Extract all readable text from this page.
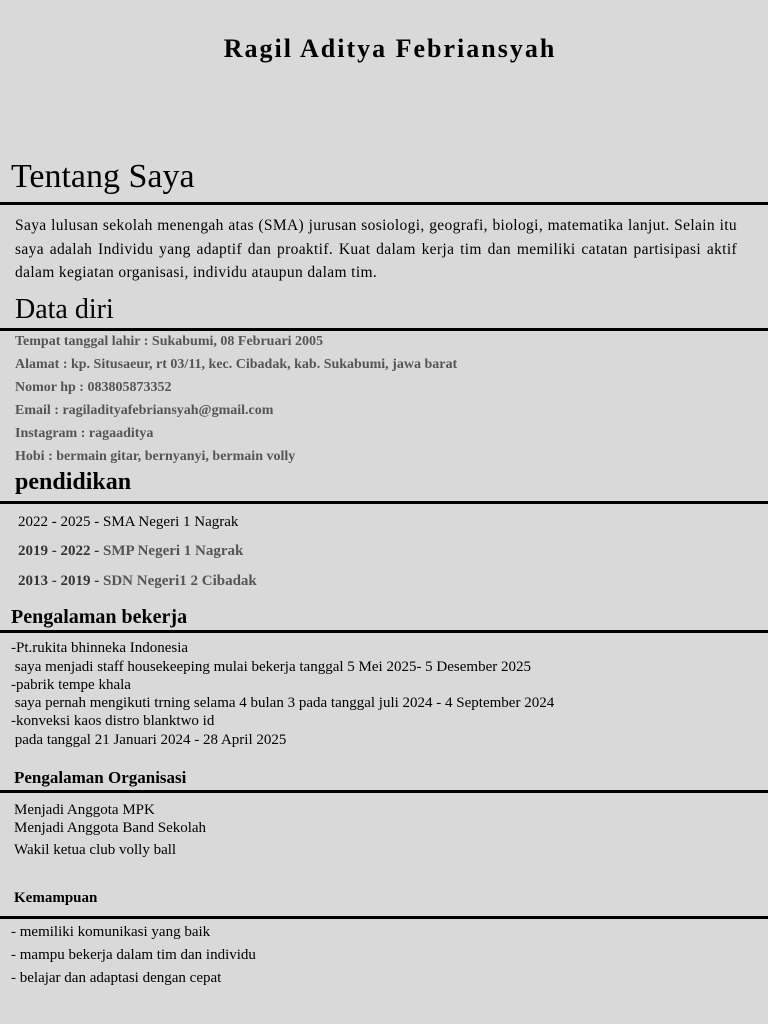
Ragil Aditya Febriansyah
Tentang Saya
Saya lulusan sekolah menengah atas (SMA) jurusan sosiologi, geografi, biologi, matematika lanjut. Selain itu saya adalah Individu yang adaptif dan proaktif. Kuat dalam kerja tim dan memiliki catatan partisipasi aktif dalam kegiatan organisasi, individu ataupun dalam tim.
Data diri
Tempat tanggal lahir : Sukabumi, 08 Februari 2005
Alamat : kp. Situsaeur, rt 03/11, kec. Cibadak, kab. Sukabumi, jawa barat
Nomor hp : 083805873352
Email : ragiladityafebriansyah@gmail.com
Instagram : ragaaditya
Hobi : bermain gitar, bernyanyi, bermain volly
pendidikan
2022 - 2025 - SMA Negeri 1 Nagrak
2019 - 2022 - SMP Negeri 1 Nagrak
2013 - 2019 - SDN Negeri1 2 Cibadak
Pengalaman bekerja
-Pt.rukita bhinneka Indonesia
saya menjadi staff housekeeping mulai bekerja tanggal 5 Mei 2025- 5 Desember 2025
-pabrik tempe khala
saya pernah mengikuti trning selama 4 bulan 3 pada tanggal juli 2024 - 4 September 2024
-konveksi kaos distro blanktwo id
pada tanggal 21 Januari 2024 - 28 April 2025
Pengalaman Organisasi
Menjadi Anggota MPK
Menjadi Anggota Band Sekolah
Wakil ketua club volly ball
Kemampuan
- memiliki komunikasi yang baik
- mampu bekerja dalam tim dan individu
- belajar dan adaptasi dengan cepat
